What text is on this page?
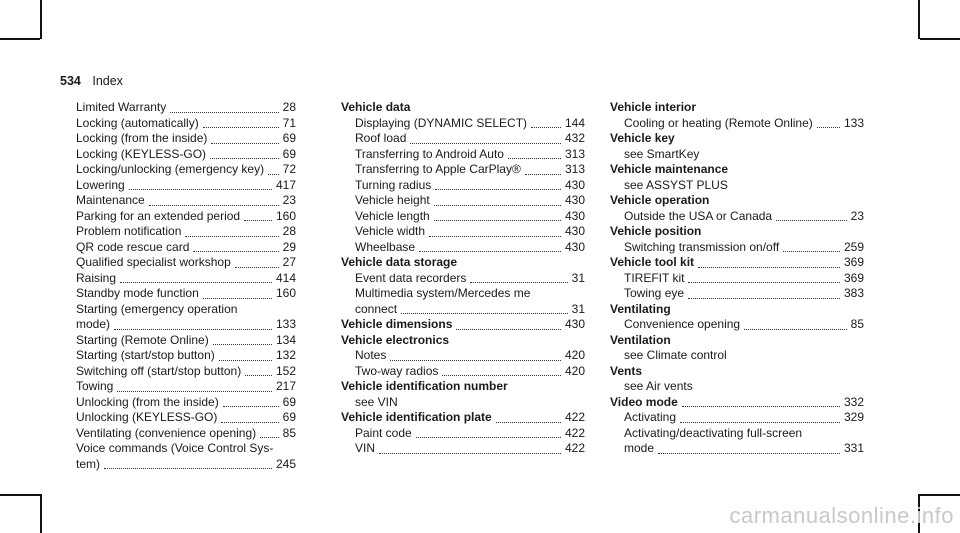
534 Index
Limited Warranty	28
Locking (automatically)	71
Locking (from the inside)	69
Locking (KEYLESS-GO)	69
Locking/unlocking (emergency key) 72
Lowering	417
Maintenance	23
Parking for an extended period	160
Problem notification	28
QR code rescue card	29
Qualified specialist workshop	27
Raising	414
Standby mode function	160
Starting (emergency operation
mode)	133
Starting (Remote Online)	134
Starting (start/stop button)	132
Switching off (start/stop button)	152
Towing	217
Unlocking (from the inside)	69
Unlocking (KEYLESS-GO)	69
Ventilating (convenience opening) 85
Voice commands (Voice Control Sys-
tem)	245
Vehicle data
Displaying (DYNAMIC SELECT)	144
Roof load	432
Transferring to Android Auto	313
Transferring to Apple CarPlay®	313
Turning radius	430
Vehicle height	430
Vehicle length	430
Vehicle width	430
Wheelbase	430
Vehicle data storage
Event data recorders	31
Multimedia system/Mercedes me
connect	31
Vehicle dimensions	430
Vehicle electronics
Notes	420
Two-way radios	420
Vehicle identification number
see VIN
Vehicle identification plate	422
Paint code	422
VIN	422
Vehicle interior
Cooling or heating (Remote Online)	133
Vehicle key
see SmartKey
Vehicle maintenance
see ASSYST PLUS
Vehicle operation
Outside the USA or Canada	23
Vehicle position
Switching transmission on/off	259
Vehicle tool kit	369
TIREFIT kit	369
Towing eye	383
Ventilating
Convenience opening	85
Ventilation
see Climate control
Vents
see Air vents
Video mode	332
Activating	329
Activating/deactivating full-screen
mode	331
carmanualsonline.info
